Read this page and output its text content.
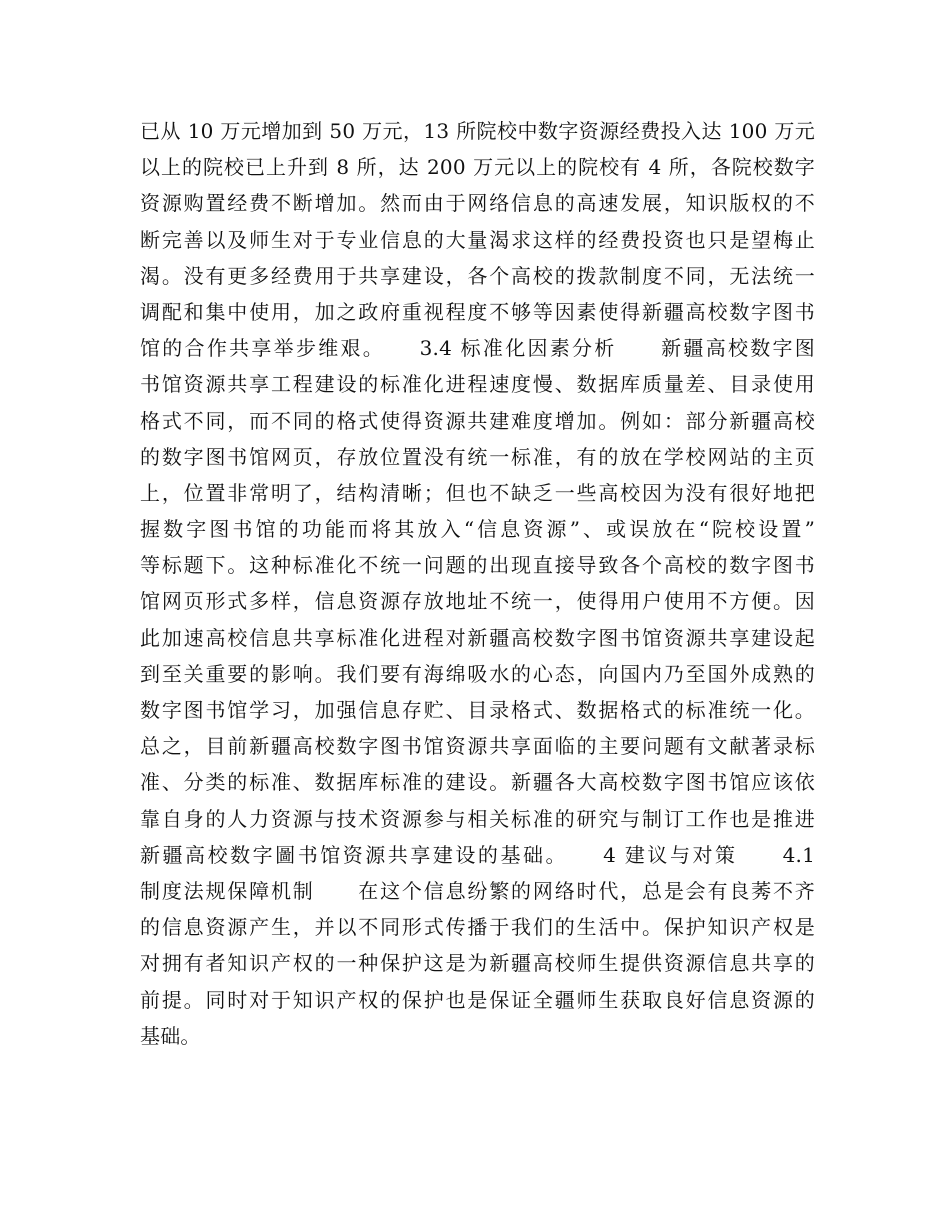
已从 10 万元增加到 50 万元，13 所院校中数字资源经费投入达 100 万元
以上的院校已上升到 8 所，达 200 万元以上的院校有 4 所，各院校数字
资源购置经费不断增加。然而由于网络信息的高速发展，知识版权的不
断完善以及师生对于专业信息的大量渴求这样的经费投资也只是望梅止
渴。没有更多经费用于共享建设，各个高校的拨款制度不同，无法统一
调配和集中使用，加之政府重视程度不够等因素使得新疆高校数字图书
馆的合作共享举步维艰。　　3.4 标准化因素分析　　新疆高校数字图
书馆资源共享工程建设的标准化进程速度慢、数据库质量差、目录使用
格式不同，而不同的格式使得资源共建难度增加。例如：部分新疆高校
的数字图书馆网页，存放位置没有统一标准，有的放在学校网站的主页
上，位置非常明了，结构清晰；但也不缺乏一些高校因为没有很好地把
握数字图书馆的功能而将其放入“信息资源”、或误放在“院校设置”
等标题下。这种标准化不统一问题的出现直接导致各个高校的数字图书
馆网页形式多样，信息资源存放地址不统一，使得用户使用不方便。因
此加速高校信息共享标准化进程对新疆高校数字图书馆资源共享建设起
到至关重要的影响。我们要有海绵吸水的心态，向国内乃至国外成熟的
数字图书馆学习，加强信息存贮、目录格式、数据格式的标准统一化。
总之，目前新疆高校数字图书馆资源共享面临的主要问题有文献著录标
准、分类的标准、数据库标准的建设。新疆各大高校数字图书馆应该依
靠自身的人力资源与技术资源参与相关标准的研究与制订工作也是推进
新疆高校数字圖书馆资源共享建设的基础。　　4 建议与对策　　4.1
制度法规保障机制　　在这个信息纷繁的网络时代，总是会有良莠不齐
的信息资源产生，并以不同形式传播于我们的生活中。保护知识产权是
对拥有者知识产权的一种保护这是为新疆高校师生提供资源信息共享的
前提。同时对于知识产权的保护也是保证全疆师生获取良好信息资源的
基础。
